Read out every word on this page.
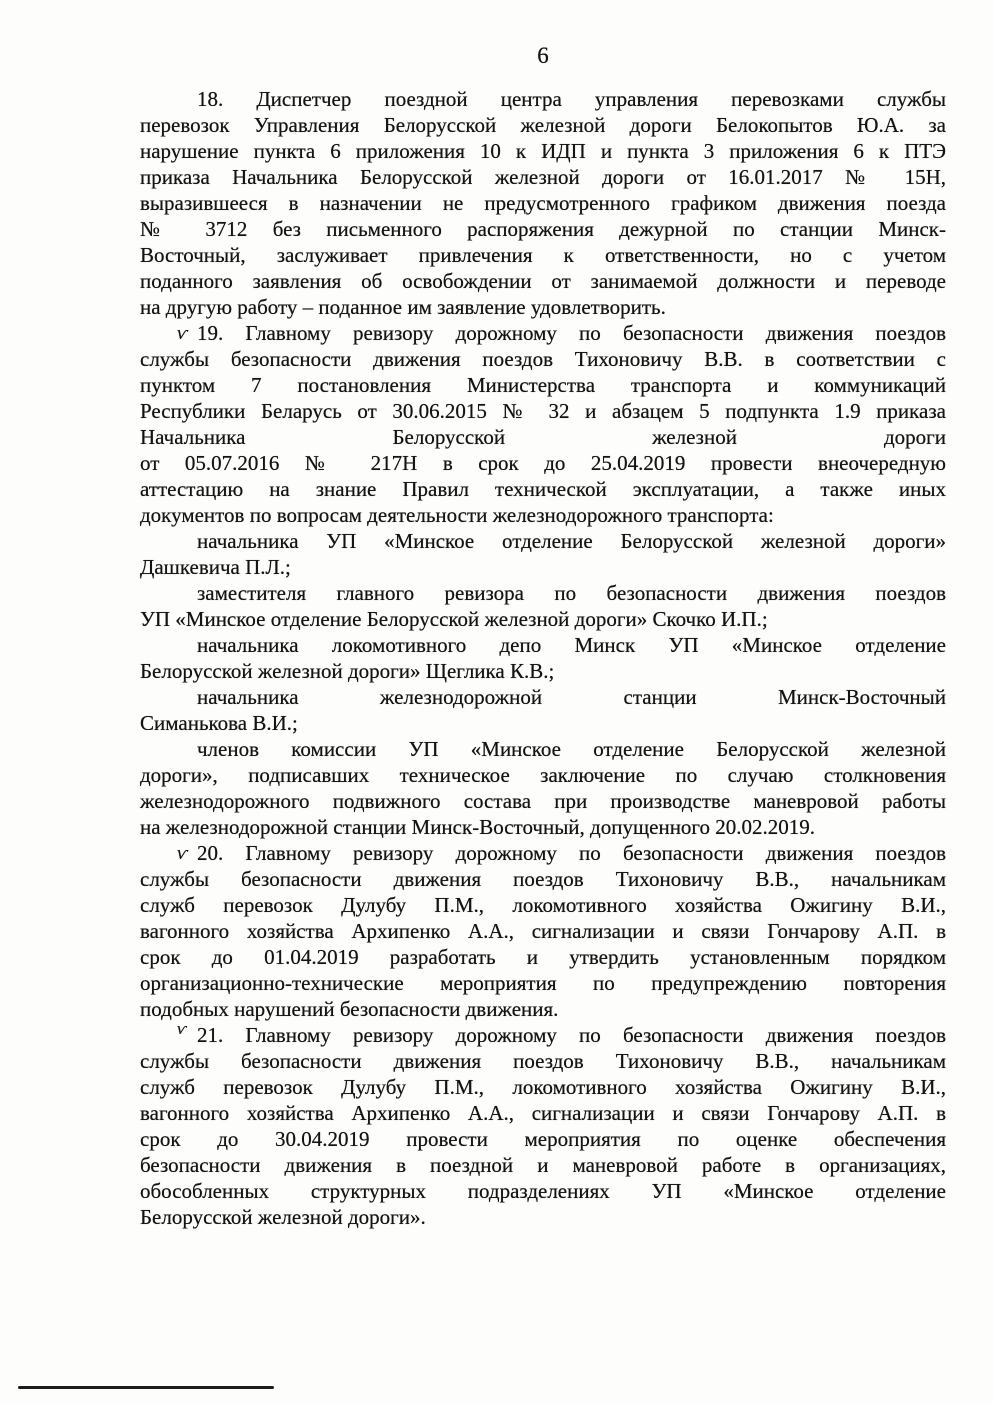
6
18. Диспетчер поездной центра управления перевозками службы
перевозок Управления Белорусской железной дороги Белокопытов Ю.А. за
нарушение пункта 6 приложения 10 к ИДП и пункта 3 приложения 6 к ПТЭ
приказа Начальника Белорусской железной дороги от 16.01.2017 № 15Н,
выразившееся в назначении не предусмотренного графиком движения поезда
№ 3712 без письменного распоряжения дежурной по станции Минск-
Восточный, заслуживает привлечения к ответственности, но с учетом
поданного заявления об освобождении от занимаемой должности и переводе
на другую работу – поданное им заявление удовлетворить.
ѵ 19. Главному ревизору дорожному по безопасности движения поездов
службы безопасности движения поездов Тихоновичу В.В. в соответствии с
пунктом 7 постановления Министерства транспорта и коммуникаций
Республики Беларусь от 30.06.2015 № 32 и абзацем 5 подпункта 1.9 приказа
Начальника Белорусской железной дороги
от 05.07.2016 № 217Н в срок до 25.04.2019 провести внеочередную
аттестацию на знание Правил технической эксплуатации, а также иных
документов по вопросам деятельности железнодорожного транспорта:
начальника УП «Минское отделение Белорусской железной дороги»
Дашкевича П.Л.;
заместителя главного ревизора по безопасности движения поездов
УП «Минское отделение Белорусской железной дороги» Скочко И.П.;
начальника локомотивного депо Минск УП «Минское отделение
Белорусской железной дороги» Щеглика К.В.;
начальника железнодорожной станции Минск-Восточный
Симанькова В.И.;
членов комиссии УП «Минское отделение Белорусской железной
дороги», подписавших техническое заключение по случаю столкновения
железнодорожного подвижного состава при производстве маневровой работы
на железнодорожной станции Минск-Восточный, допущенного 20.02.2019.
ѵ 20. Главному ревизору дорожному по безопасности движения поездов
службы безопасности движения поездов Тихоновичу В.В., начальникам
служб перевозок Дулубу П.М., локомотивного хозяйства Ожигину В.И.,
вагонного хозяйства Архипенко А.А., сигнализации и связи Гончарову А.П. в
срок до 01.04.2019 разработать и утвердить установленным порядком
организационно-технические мероприятия по предупреждению повторения
подобных нарушений безопасности движения.
ѵ 21. Главному ревизору дорожному по безопасности движения поездов
службы безопасности движения поездов Тихоновичу В.В., начальникам
служб перевозок Дулубу П.М., локомотивного хозяйства Ожигину В.И.,
вагонного хозяйства Архипенко А.А., сигнализации и связи Гончарову А.П. в
срок до 30.04.2019 провести мероприятия по оценке обеспечения
безопасности движения в поездной и маневровой работе в организациях,
обособленных структурных подразделениях УП «Минское отделение
Белорусской железной дороги».
